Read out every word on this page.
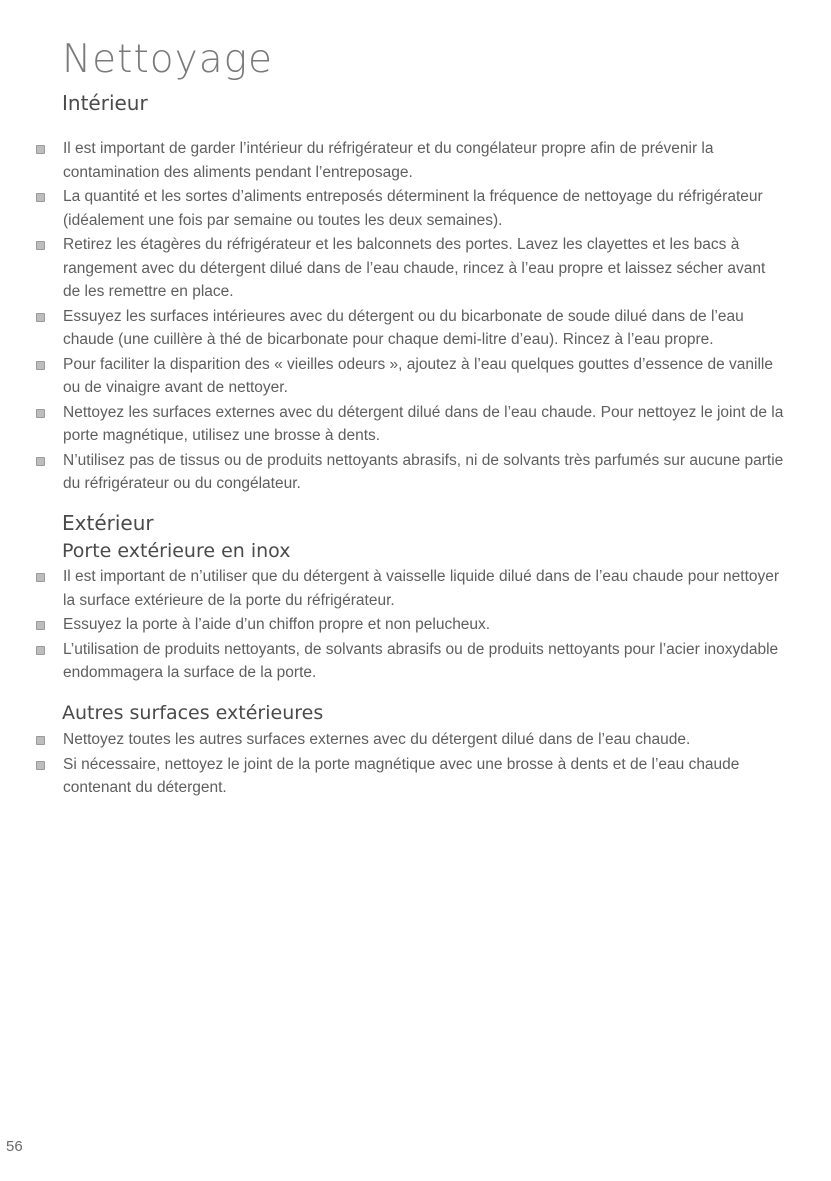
Nettoyage
Intérieur
Il est important de garder l’intérieur du réfrigérateur et du congélateur propre afin de prévenir la contamination des aliments pendant l’entreposage.
La quantité et les sortes d’aliments entreposés déterminent la fréquence de nettoyage du réfrigérateur (idéalement une fois par semaine ou toutes les deux semaines).
Retirez les étagères du réfrigérateur et les balconnets des portes. Lavez les clayettes et les bacs à rangement avec du détergent dilué dans de l’eau chaude, rincez à l’eau propre et laissez sécher avant de les remettre en place.
Essuyez les surfaces intérieures avec du détergent ou du bicarbonate de soude dilué dans de l’eau chaude (une cuillère à thé de bicarbonate pour chaque demi-litre d’eau). Rincez à l’eau propre.
Pour faciliter la disparition des « vieilles odeurs », ajoutez à l’eau quelques gouttes d’essence de vanille ou de vinaigre avant de nettoyer.
Nettoyez les surfaces externes avec du détergent dilué dans de l’eau chaude. Pour nettoyez le joint de la porte magnétique, utilisez une brosse à dents.
N’utilisez pas de tissus ou de produits nettoyants abrasifs, ni de solvants très parfumés sur aucune partie du réfrigérateur ou du congélateur.
Extérieur
Porte extérieure en inox
Il est important de n’utiliser que du détergent à vaisselle liquide dilué dans de l’eau chaude pour nettoyer la surface extérieure de la porte du réfrigérateur.
Essuyez la porte à l’aide d’un chiffon propre et non pelucheux.
L’utilisation de produits nettoyants, de solvants abrasifs ou de produits nettoyants pour l’acier inoxydable endommagera la surface de la porte.
Autres surfaces extérieures
Nettoyez toutes les autres surfaces externes avec du détergent dilué dans de l’eau chaude.
Si nécessaire, nettoyez le joint de la porte magnétique avec une brosse à dents et de l’eau chaude contenant du détergent.
56
